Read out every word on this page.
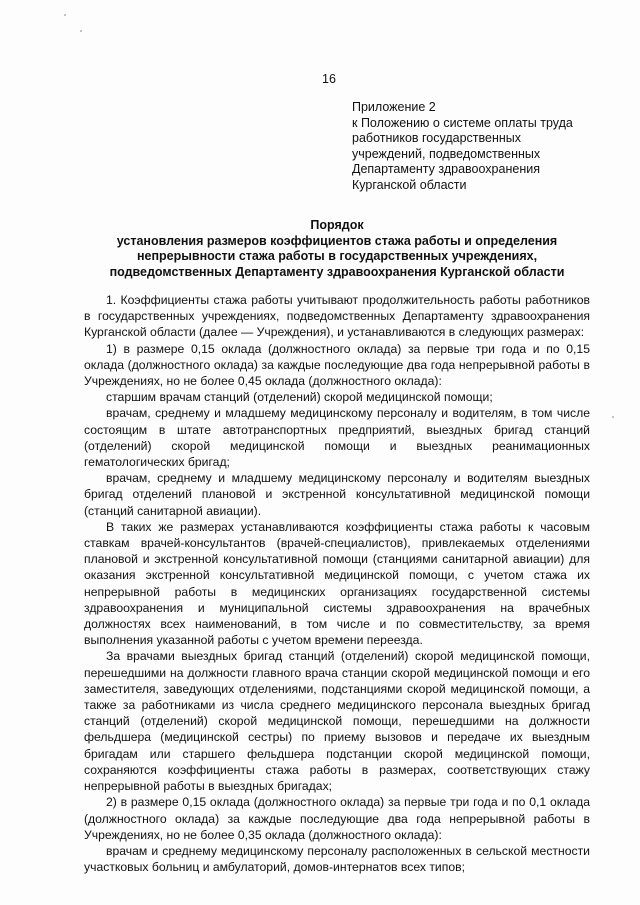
16
Приложение 2
к Положению о системе оплаты труда
работников государственных
учреждений, подведомственных
Департаменту здравоохранения
Курганской области
Порядок
установления размеров коэффициентов стажа работы и определения
непрерывности стажа работы в государственных учреждениях,
подведомственных Департаменту здравоохранения Курганской области

1. Коэффициенты стажа работы учитывают продолжительность работы работников в государственных учреждениях, подведомственных Департаменту здравоохранения Курганской области (далее — Учреждения), и устанавливаются в следующих размерах:

1) в размере 0,15 оклада (должностного оклада) за первые три года и по 0,15 оклада (должностного оклада) за каждые последующие два года непрерывной работы в Учреждениях, но не более 0,45 оклада (должностного оклада):

старшим врачам станций (отделений) скорой медицинской помощи;

врачам, среднему и младшему медицинскому персоналу и водителям, в том числе состоящим в штате автотранспортных предприятий, выездных бригад станций (отделений) скорой медицинской помощи и выездных реанимационных гематологических бригад;

врачам, среднему и младшему медицинскому персоналу и водителям выездных бригад отделений плановой и экстренной консультативной медицинской помощи (станций санитарной авиации).

В таких же размерах устанавливаются коэффициенты стажа работы к часовым ставкам врачей-консультантов (врачей-специалистов), привлекаемых отделениями плановой и экстренной консультативной помощи (станциями санитарной авиации) для оказания экстренной консультативной медицинской помощи, с учетом стажа их непрерывной работы в медицинских организациях государственной системы здравоохранения и муниципальной системы здравоохранения на врачебных должностях всех наименований, в том числе и по совместительству, за время выполнения указанной работы с учетом времени переезда.

За врачами выездных бригад станций (отделений) скорой медицинской помощи, перешедшими на должности главного врача станции скорой медицинской помощи и его заместителя, заведующих отделениями, подстанциями скорой медицинской помощи, а также за работниками из числа среднего медицинского персонала выездных бригад станций (отделений) скорой медицинской помощи, перешедшими на должности фельдшера (медицинской сестры) по приему вызовов и передаче их выездным бригадам или старшего фельдшера подстанции скорой медицинской помощи, сохраняются коэффициенты стажа работы в размерах, соответствующих стажу непрерывной работы в выездных бригадах;

2) в размере 0,15 оклада (должностного оклада) за первые три года и по 0,1 оклада (должностного оклада) за каждые последующие два года непрерывной работы в Учреждениях, но не более 0,35 оклада (должностного оклада):

врачам и среднему медицинскому персоналу расположенных в сельской местности участковых больниц и амбулаторий, домов-интернатов всех типов;
